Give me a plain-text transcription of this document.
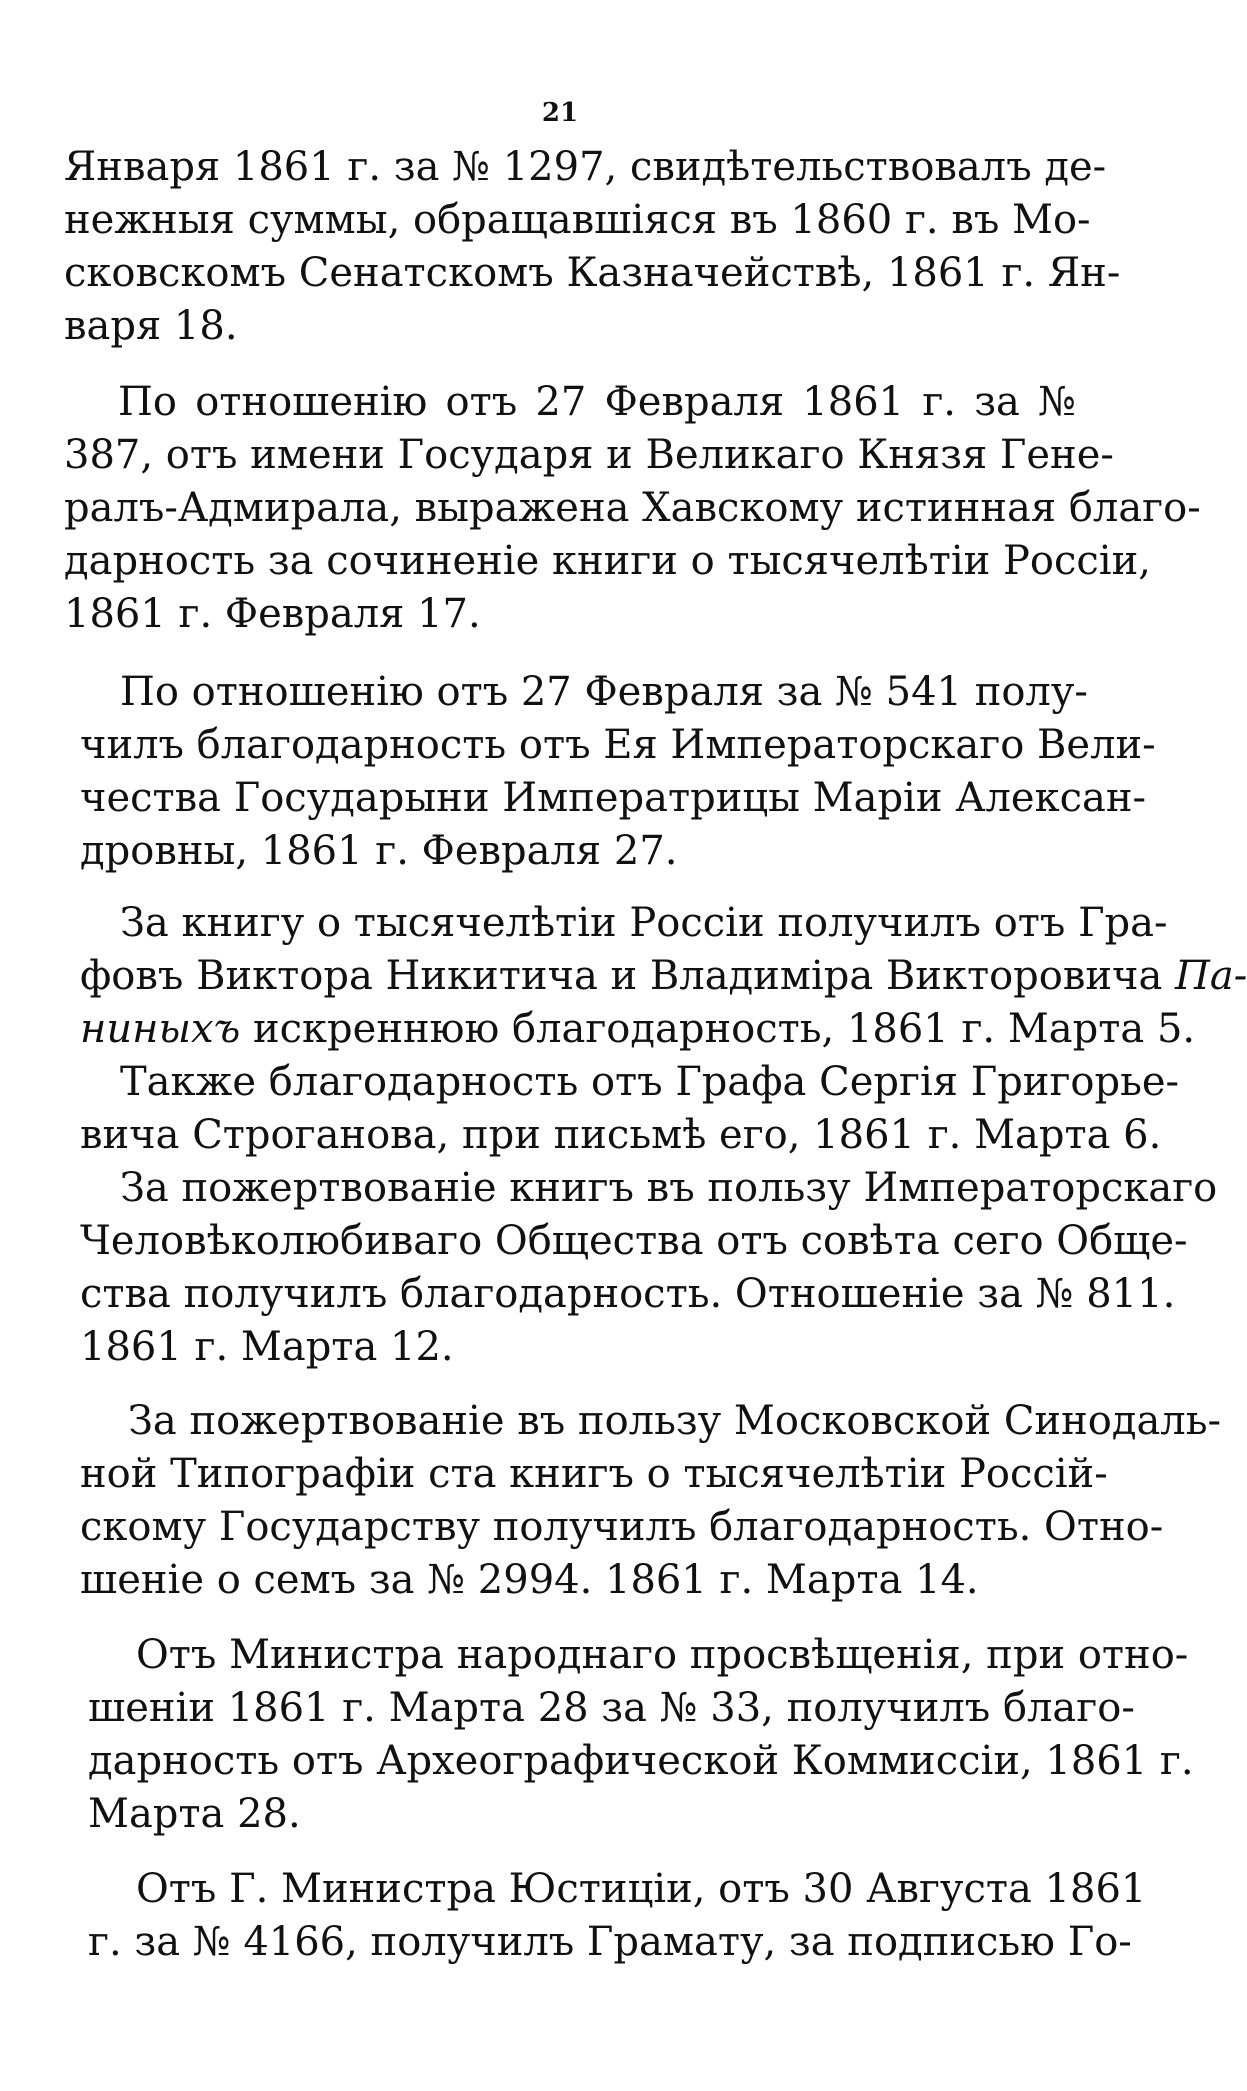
21
Января 1861 г. за № 1297, свидѣтельствовалъ де-
нежныя суммы, обращавшіяся въ 1860 г. въ Мо-
сковскомъ Сенатскомъ Казначействѣ, 1861 г. Ян-
варя 18.
По отношенію отъ 27 Февраля 1861 г. за №
387, отъ имени Государя и Великаго Князя Гене-
ралъ-Адмирала, выражена Хавскому истинная благо-
дарность за сочиненіе книги о тысячелѣтіи Россіи,
1861 г. Февраля 17.
По отношенію отъ 27 Февраля за № 541 полу-
чилъ благодарность отъ Ея Императорскаго Вели-
чества Государыни Императрицы Маріи Алексан-
дровны, 1861 г. Февраля 27.
За книгу о тысячелѣтіи Россіи получилъ отъ Гра-
фовъ Виктора Никитича и Владиміра Викторовича Па-
ниныхъ искреннюю благодарность, 1861 г. Марта 5.
Также благодарность отъ Графа Сергія Григорье-
вича Строганова, при письмѣ его, 1861 г. Марта 6.
За пожертвованіе книгъ въ пользу Императорскаго
Человѣколюбиваго Общества отъ совѣта сего Обще-
ства получилъ благодарность. Отношеніе за № 811.
1861 г. Марта 12.
За пожертвованіе въ пользу Московской Синодаль-
ной Типографіи ста книгъ о тысячелѣтіи Россій-
скому Государству получилъ благодарность. Отно-
шеніе о семъ за № 2994. 1861 г. Марта 14.
Отъ Министра народнаго просвѣщенія, при отно-
шеніи 1861 г. Марта 28 за № 33, получилъ благо-
дарность отъ Археографической Коммиссіи, 1861 г.
Марта 28.
Отъ Г. Министра Юстиціи, отъ 30 Августа 1861
г. за № 4166, получилъ Грамату, за подписью Го-
